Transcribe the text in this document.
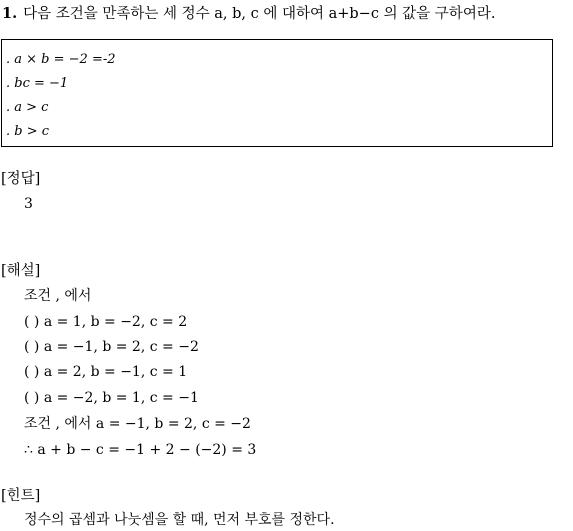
1. 다음 조건을 만족하는 세 정수 a, b, c 에 대하여 a+b−c 의 값을 구하여라.
. a × b = −2 =-2
. bc = −1
. a > c
. b > c
[정답]
3
[해설]
조건 , 에서
( ) a = 1, b = −2, c = 2
( ) a = −1, b = 2, c = −2
( ) a = 2, b = −1, c = 1
( ) a = −2, b = 1, c = −1
조건 , 에서 a = −1, b = 2, c = −2
∴ a + b − c = −1 + 2 − (−2) = 3
[힌트]
정수의 곱셈과 나눗셈을 할 때, 먼저 부호를 정한다.
